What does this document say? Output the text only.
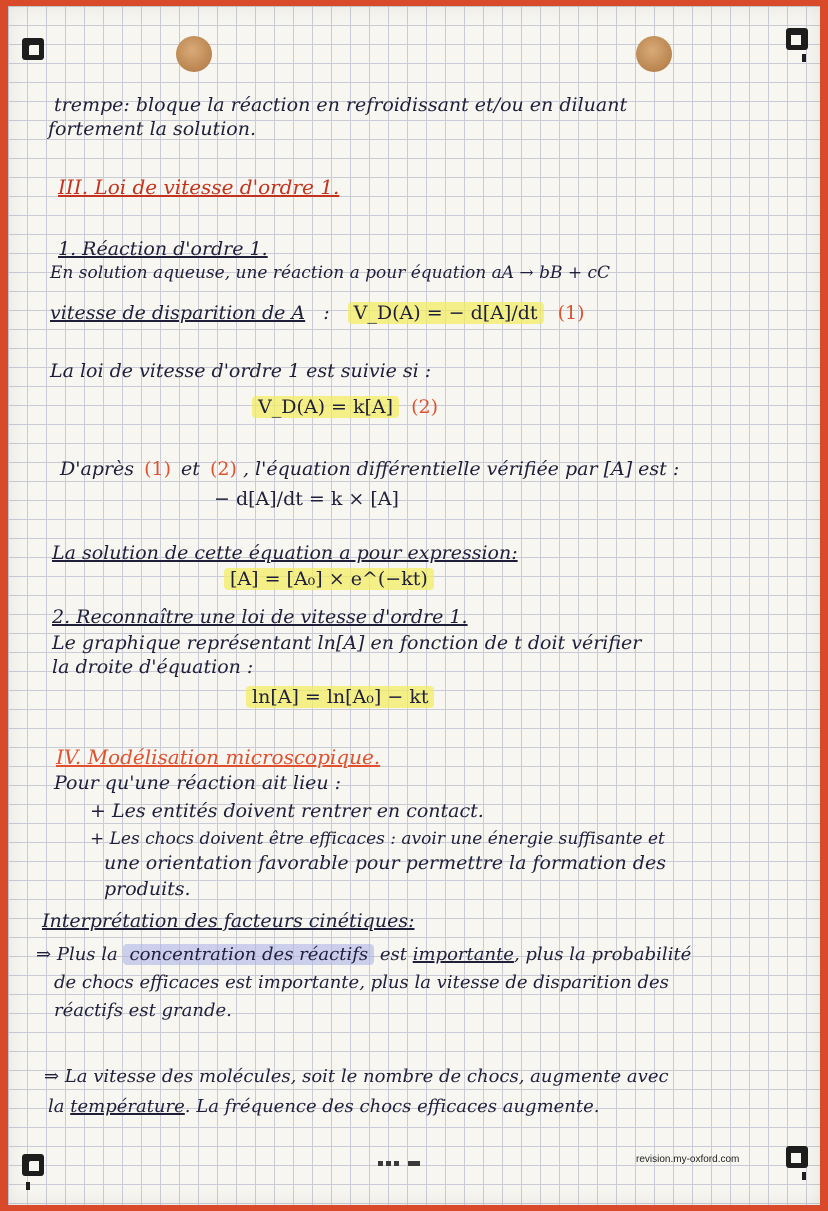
trempe: bloque la réaction en refroidissant et/ou en diluant
fortement la solution.
III. Loi de vitesse d'ordre 1.
1. Réaction d'ordre 1.
En solution aqueuse, une réaction a pour équation aA → bB + cC
vitesse de disparition de A : V_D(A) = − d[A]/dt (1)
La loi de vitesse d'ordre 1 est suivie si :
V_D(A) = k[A] (2)
D'après (1) et (2) , l'équation différentielle vérifiée par [A] est :
− d[A]/dt = k × [A]
La solution de cette équation a pour expression:
[A] = [A₀] × e^(−kt)
2. Reconnaître une loi de vitesse d'ordre 1.
Le graphique représentant ln[A] en fonction de t doit vérifier
la droite d'équation :
ln[A] = ln[A₀] − kt
IV. Modélisation microscopique.
Pour qu'une réaction ait lieu :
+ Les entités doivent rentrer en contact.
+ Les chocs doivent être efficaces : avoir une énergie suffisante et
une orientation favorable pour permettre la formation des
produits.
Interprétation des facteurs cinétiques:
⇒ Plus la concentration des réactifs est importante, plus la probabilité
de chocs efficaces est importante, plus la vitesse de disparition des
réactifs est grande.
⇒ La vitesse des molécules, soit le nombre de chocs, augmente avec
la température. La fréquence des chocs efficaces augmente.
revision.my-oxford.com
